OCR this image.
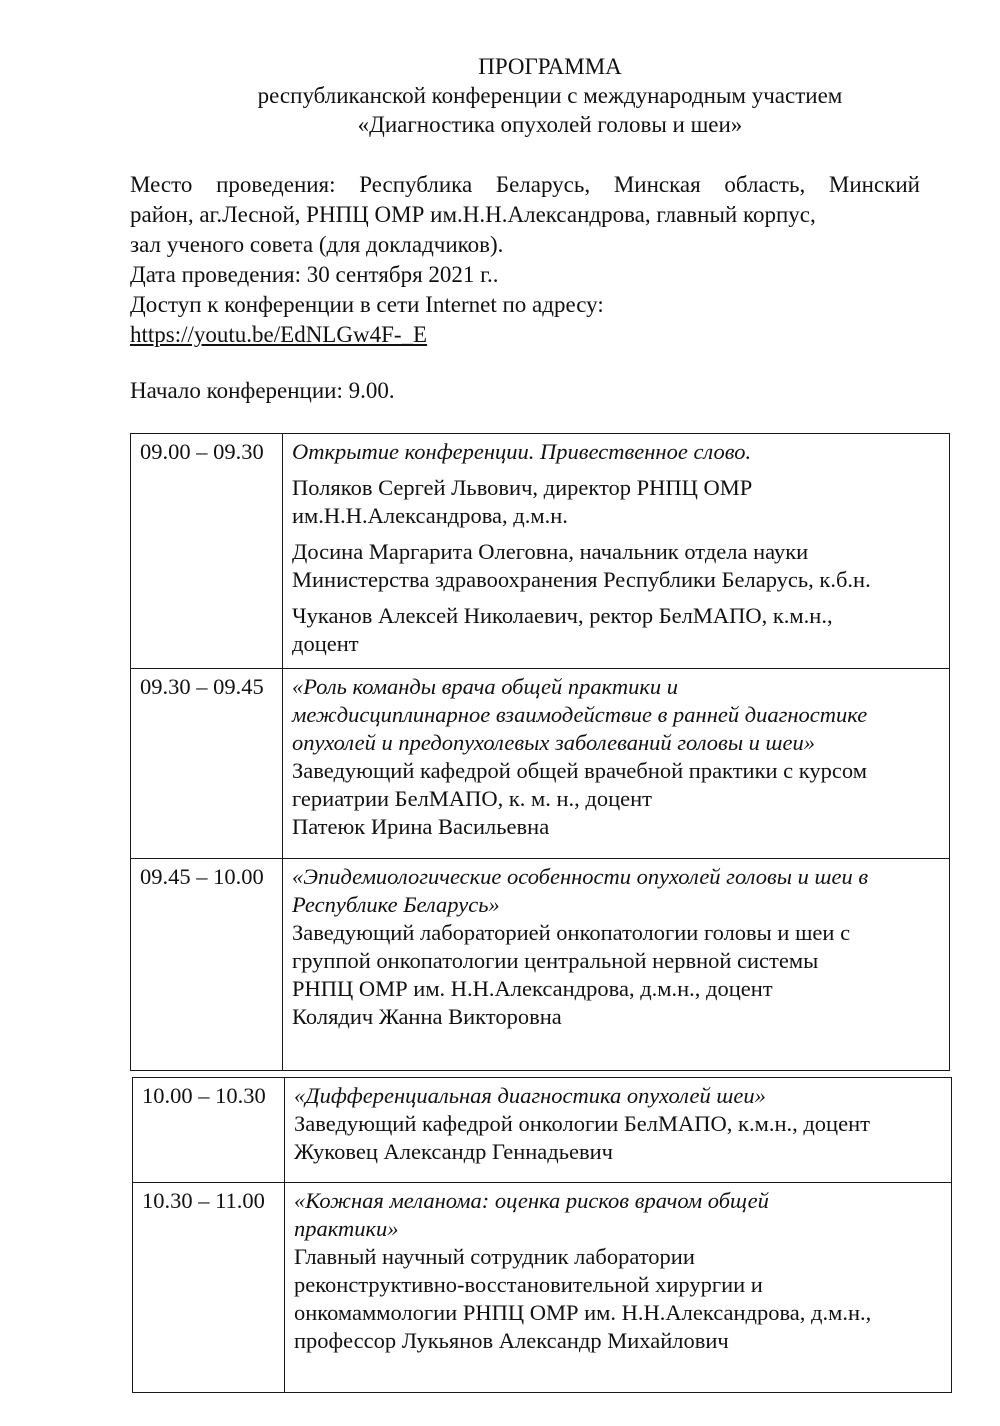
ПРОГРАММА
республиканской конференции с международным участием
«Диагностика опухолей головы и шеи»
Место проведения: Республика Беларусь, Минская область, Минский
район, аг.Лесной, РНПЦ ОМР им.Н.Н.Александрова, главный корпус,
зал ученого совета (для докладчиков).
Дата проведения: 30 сентября 2021 г..
Доступ к конференции в сети Internet по адресу:
https://youtu.be/EdNLGw4F-_E
Начало конференции: 9.00.
09.00 – 09.30	Открытие конференции. Привественное слово.
Поляков Сергей Львович, директор РНПЦ ОМР
им.Н.Н.Александрова, д.м.н.
Досина Маргарита Олеговна, начальник отдела науки
Министерства здравоохранения Республики Беларусь, к.б.н.
Чуканов Алексей Николаевич, ректор БелМАПО, к.м.н.,
доцент
09.30 – 09.45	«Роль команды врача общей практики и
междисциплинарное взаимодействие в ранней диагностике
опухолей и предопухолевых заболеваний головы и шеи»
Заведующий кафедрой общей врачебной практики с курсом
гериатрии БелМАПО, к. м. н., доцент
Патеюк Ирина Васильевна
09.45 – 10.00	«Эпидемиологические особенности опухолей головы и шеи в
Республике Беларусь»
Заведующий лабораторией онкопатологии головы и шеи с
группой онкопатологии центральной нервной системы
РНПЦ ОМР им. Н.Н.Александрова, д.м.н., доцент
Колядич Жанна Викторовна
10.00 – 10.30	«Дифференциальная диагностика опухолей шеи»
Заведующий кафедрой онкологии БелМАПО, к.м.н., доцент
Жуковец Александр Геннадьевич
10.30 – 11.00	«Кожная меланома: оценка рисков врачом общей
практики»
Главный научный сотрудник лаборатории
реконструктивно-восстановительной хирургии и
онкомаммологии РНПЦ ОМР им. Н.Н.Александрова, д.м.н.,
профессор Лукьянов Александр Михайлович
